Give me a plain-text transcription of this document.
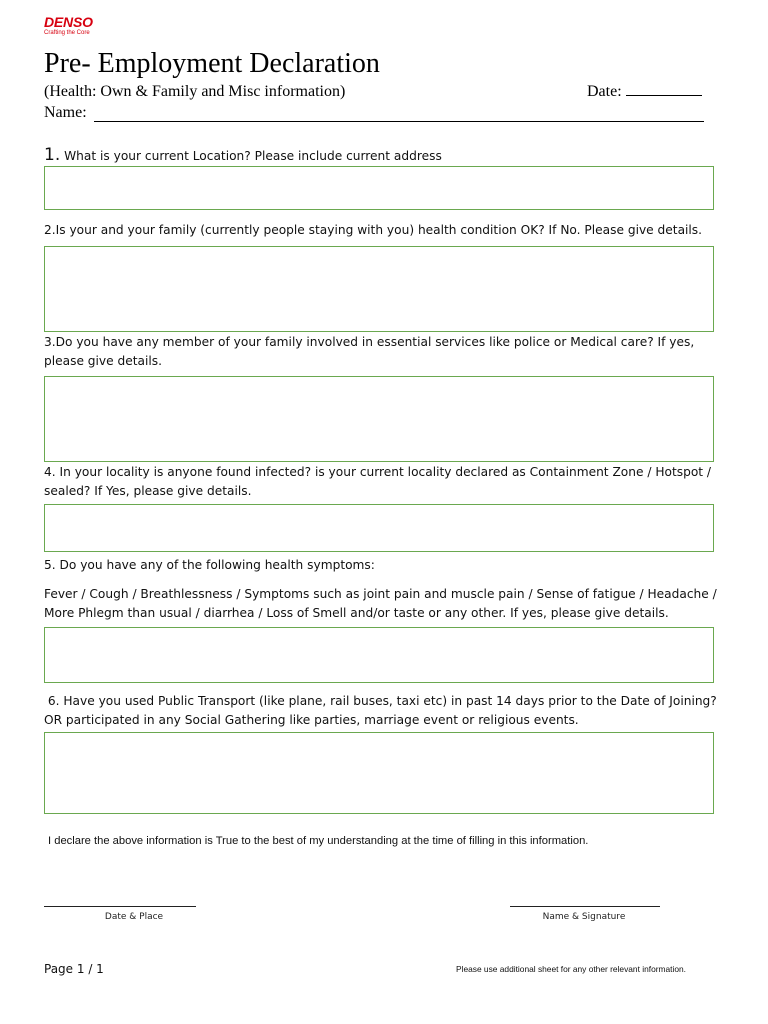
DENSO
Crafting the Core
Pre- Employment Declaration
(Health: Own & Family and Misc information)	Date:
Name:
1. What is your current Location? Please include current address
2.Is your and your family (currently people staying with you) health condition OK? If No. Please give details.
3.Do you have any member of your family involved in essential services like police or Medical care? If yes, please give details.
4. In your locality is anyone found infected? is your current locality declared as Containment Zone / Hotspot / sealed? If Yes, please give details.
5. Do you have any of the following health symptoms:
Fever / Cough / Breathlessness / Symptoms such as joint pain and muscle pain / Sense of fatigue / Headache / More Phlegm than usual / diarrhea / Loss of Smell and/or taste or any other. If yes, please give details.
6. Have you used Public Transport (like plane, rail buses, taxi etc) in past 14 days prior to the Date of Joining? OR participated in any Social Gathering like parties, marriage event or religious events.
I declare the above information is True to the best of my understanding at the time of filling in this information.
Date & Place	Name & Signature
Page 1 / 1	Please use additional sheet for any other relevant information.
